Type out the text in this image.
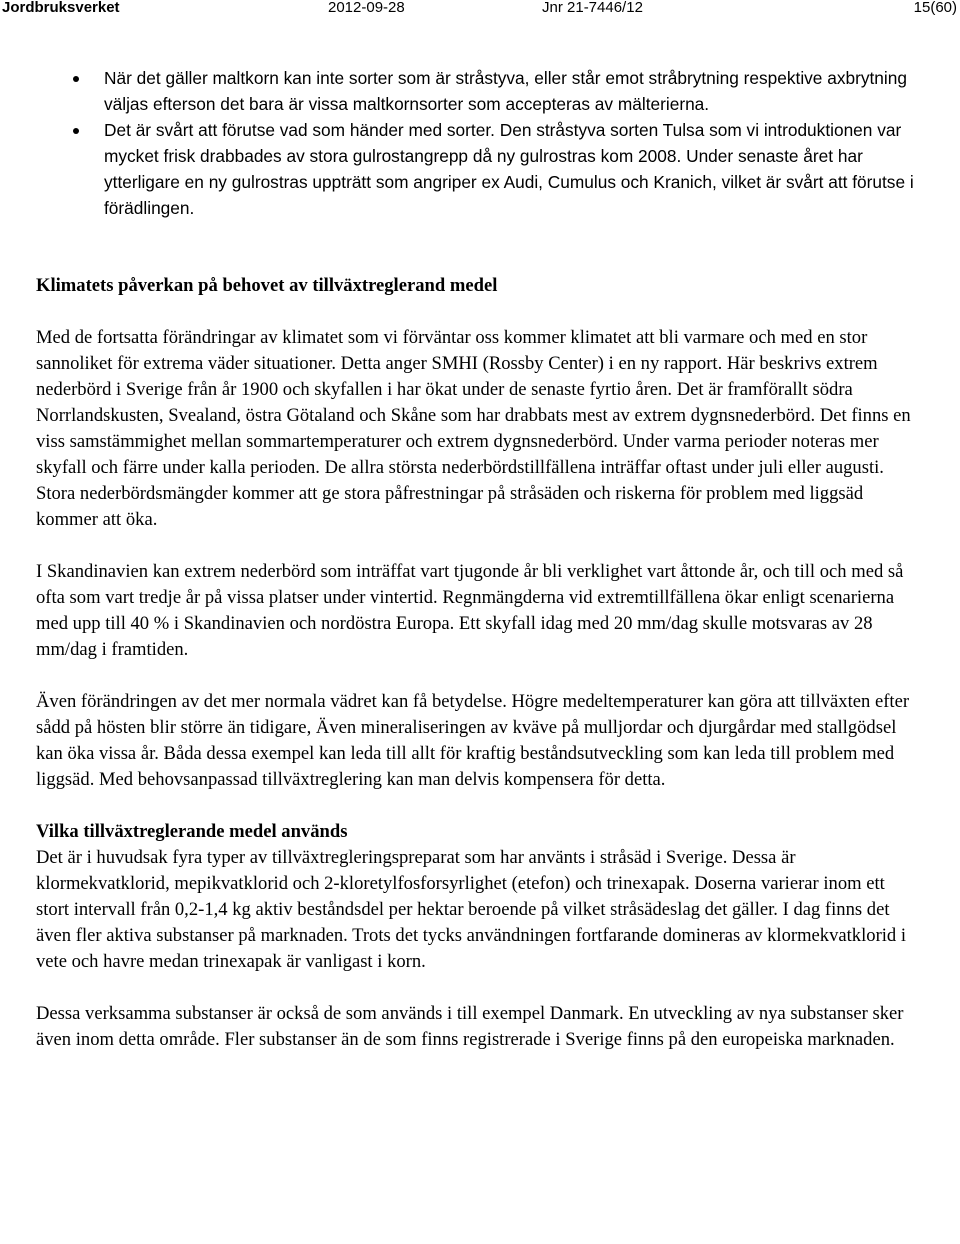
Jordbruksverket	2012-09-28	Jnr 21-7446/12	15(60)
När det gäller maltkorn kan inte sorter som är stråstyva, eller står emot stråbrytning respektive axbrytning väljas efterson det bara är vissa maltkornsorter som accepteras av mälterierna.
Det är svårt att förutse vad som händer med sorter. Den stråstyva sorten Tulsa som vi introduktionen var mycket frisk drabbades av stora gulrostangrepp då ny gulrostras kom 2008. Under senaste året har ytterligare en ny gulrostras uppträtt som angriper ex Audi, Cumulus och Kranich, vilket är svårt att förutse i förädlingen.

Klimatets påverkan på behovet av tillväxtreglerand medel

Med de fortsatta förändringar av klimatet som vi förväntar oss kommer klimatet att bli varmare och med en stor sannoliket för extrema väder situationer. Detta anger SMHI (Rossby Center) i en ny rapport. Här beskrivs extrem nederbörd i Sverige från år 1900 och skyfallen i har ökat under de senaste fyrtio åren. Det är framförallt södra Norrlandskusten, Svealand, östra Götaland och Skåne som har drabbats mest av extrem dygnsnederbörd. Det finns en viss samstämmighet mellan sommartemperaturer och extrem dygnsnederbörd. Under varma perioder noteras mer skyfall och färre under kalla perioden. De allra största nederbördstillfällena inträffar oftast under juli eller augusti. Stora nederbördsmängder kommer att ge stora påfrestningar på stråsäden och riskerna för problem med liggsäd kommer att öka.

I Skandinavien kan extrem nederbörd som inträffat vart tjugonde år bli verklighet vart åttonde år, och till och med så ofta som vart tredje år på vissa platser under vintertid. Regnmängderna vid extremtillfällena ökar enligt scenarierna med upp till 40 % i Skandinavien och nordöstra Europa. Ett skyfall idag med 20 mm/dag skulle motsvaras av 28 mm/dag i framtiden.

Även förändringen av det mer normala vädret kan få betydelse. Högre medeltemperaturer kan göra att tillväxten efter sådd på hösten blir större än tidigare, Även mineraliseringen av kväve på mulljordar och djurgårdar med stallgödsel kan öka vissa år. Båda dessa exempel kan leda till allt för kraftig beståndsutveckling som kan leda till problem med liggsäd. Med behovsanpassad tillväxtreglering kan man delvis kompensera för detta.

Vilka tillväxtreglerande medel används

Det är i huvudsak fyra typer av tillväxtregleringspreparat som har använts i stråsäd i Sverige. Dessa är klormekvatklorid, mepikvatklorid och 2-kloretylfosforsyrlighet (etefon) och trinexapak. Doserna varierar inom ett stort intervall från 0,2-1,4 kg aktiv beståndsdel per hektar beroende på vilket stråsädeslag det gäller. I dag finns det även fler aktiva substanser på marknaden. Trots det tycks användningen fortfarande domineras av klormekvatklorid i vete och havre medan trinexapak är vanligast i korn.

Dessa verksamma substanser är också de som används i till exempel Danmark. En utveckling av nya substanser sker även inom detta område. Fler substanser än de som finns registrerade i Sverige finns på den europeiska marknaden.
